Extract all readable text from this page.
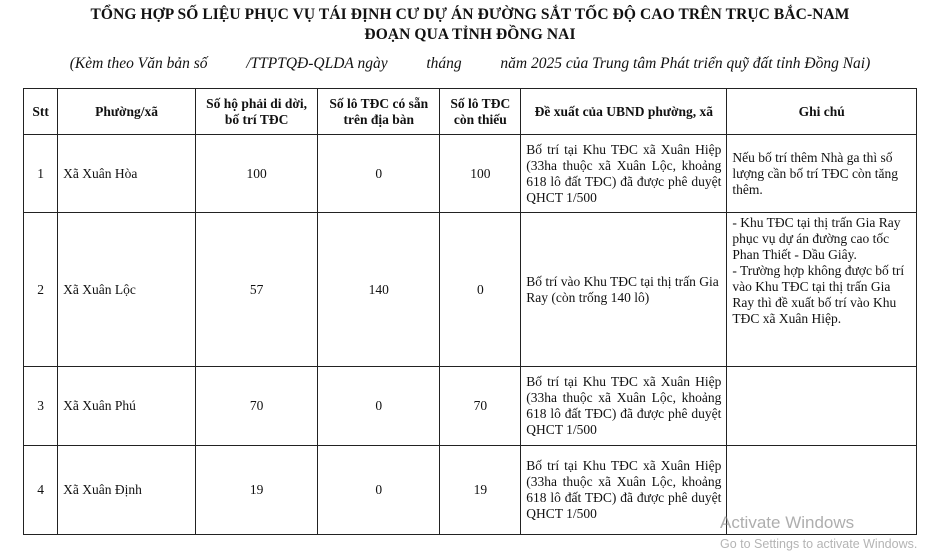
TỔNG HỢP SỐ LIỆU PHỤC VỤ TÁI ĐỊNH CƯ DỰ ÁN ĐƯỜNG SẮT TỐC ĐỘ CAO TRÊN TRỤC BẮC-NAM
ĐOẠN QUA TỈNH ĐỒNG NAI
(Kèm theo Văn bản số          /TTPTQĐ-QLDA ngày          tháng          năm 2025 của Trung tâm Phát triển quỹ đất tỉnh Đồng Nai)
Stt	Phường/xã	Số hộ phải di dời, bố trí TĐC	Số lô TĐC có sẵn trên địa bàn	Số lô TĐC còn thiếu	Đề xuất của UBND phường, xã	Ghi chú
1	Xã Xuân Hòa	100	0	100	Bố trí tại Khu TĐC xã Xuân Hiệp (33ha thuộc xã Xuân Lộc, khoảng 618 lô đất TĐC) đã được phê duyệt QHCT 1/500	Nếu bố trí thêm Nhà ga thì số lượng cần bố trí TĐC còn tăng thêm.
2	Xã Xuân Lộc	57	140	0	Bố trí vào Khu TĐC tại thị trấn Gia Ray (còn trống 140 lô)	- Khu TĐC tại thị trấn Gia Ray phục vụ dự án đường cao tốc Phan Thiết - Dầu Giây.
- Trường hợp không được bố trí vào Khu TĐC tại thị trấn Gia Ray thì đề xuất bố trí vào Khu TĐC xã Xuân Hiệp.
3	Xã Xuân Phú	70	0	70	Bố trí tại Khu TĐC xã Xuân Hiệp (33ha thuộc xã Xuân Lộc, khoảng 618 lô đất TĐC) đã được phê duyệt QHCT 1/500	
4	Xã Xuân Định	19	0	19	Bố trí tại Khu TĐC xã Xuân Hiệp (33ha thuộc xã Xuân Lộc, khoảng 618 lô đất TĐC) đã được phê duyệt QHCT 1/500		Activate Windows
Go to Settings to activate Windows.
